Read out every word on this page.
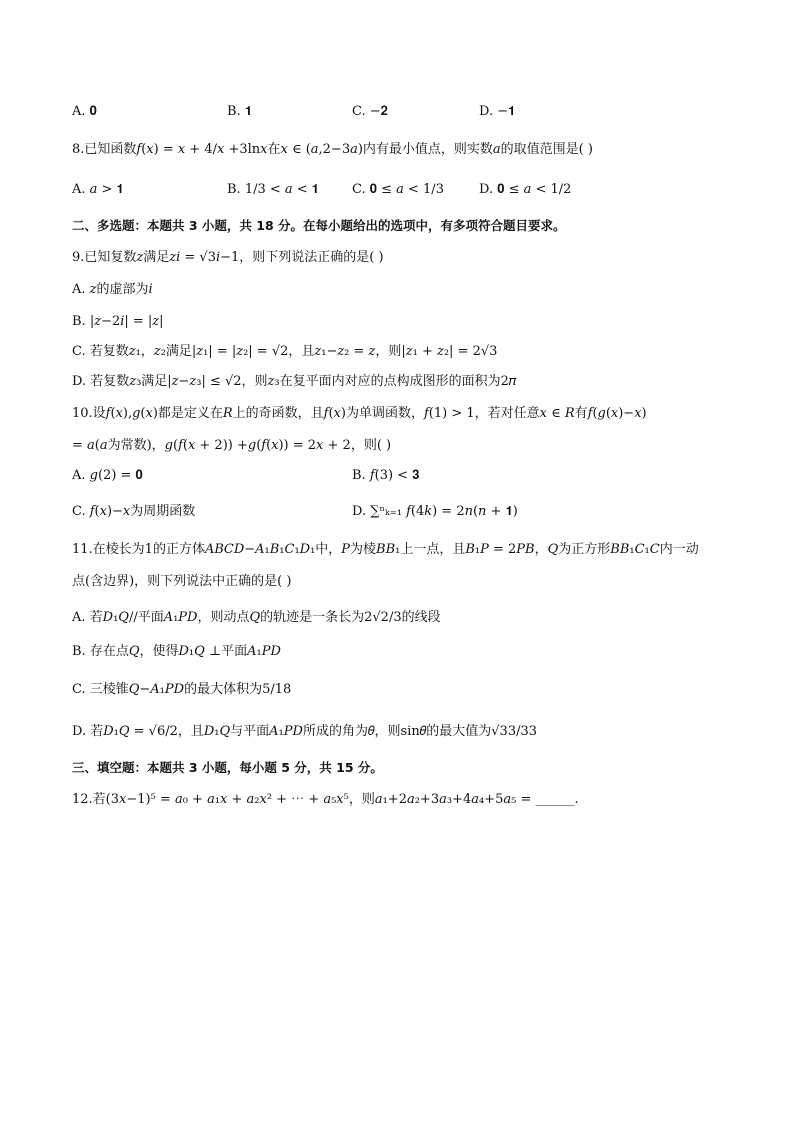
A. 𝟎	B. 𝟏	C. −𝟐	D. −𝟏
8.已知函数𝑓(𝑥) = 𝑥 + 4/𝑥 +3ln𝑥在𝑥 ∈ (𝑎,2−3𝑎)内有最小值点，则实数𝑎的取值范围是( )
A. 𝑎 > 𝟏	B. 1/3 < 𝑎 < 𝟏	C. 𝟎 ≤ 𝑎 < 1/3	D. 𝟎 ≤ 𝑎 < 1/2
二、多选题：本题共 3 小题，共 18 分。在每小题给出的选项中，有多项符合题目要求。
9.已知复数𝑧满足𝑧𝑖 = √3𝑖−1，则下列说法正确的是( )
A. 𝑧的虚部为𝑖
B. |𝑧−2𝑖| = |𝑧|
C. 若复数𝑧₁，𝑧₂满足|𝑧₁| = |𝑧₂| = √2，且𝑧₁−𝑧₂ = 𝑧，则|𝑧₁ + 𝑧₂| = 2√3
D. 若复数𝑧₃满足|𝑧−𝑧₃| ≤ √2，则𝑧₃在复平面内对应的点构成图形的面积为2𝜋
10.设𝑓(𝑥),𝑔(𝑥)都是定义在𝑅上的奇函数，且𝑓(𝑥)为单调函数，𝑓(1) > 1，若对任意𝑥 ∈ 𝑅有𝑓(𝑔(𝑥)−𝑥)
= 𝑎(𝑎为常数)，𝑔(𝑓(𝑥 + 2)) +𝑔(𝑓(𝑥)) = 2𝑥 + 2，则( )
A. 𝑔(2) = 𝟎	B. 𝑓(3) < 𝟑
C. 𝑓(𝑥)−𝑥为周期函数	D. ∑ⁿₖ₌₁ 𝑓(4𝑘) = 2𝑛(𝑛 + 𝟏)
11.在棱长为1的正方体𝐴𝐵𝐶𝐷−𝐴₁𝐵₁𝐶₁𝐷₁中，𝑃为棱𝐵𝐵₁上一点，且𝐵₁𝑃 = 2𝑃𝐵，𝑄为正方形𝐵𝐵₁𝐶₁𝐶内一动
点(含边界)，则下列说法中正确的是( )
A. 若𝐷₁𝑄//平面𝐴₁𝑃𝐷，则动点𝑄的轨迹是一条长为2√2/3的线段
B. 存在点𝑄，使得𝐷₁𝑄 ⊥平面𝐴₁𝑃𝐷
C. 三棱锥𝑄−𝐴₁𝑃𝐷的最大体积为5/18
D. 若𝐷₁𝑄 = √6/2，且𝐷₁𝑄与平面𝐴₁𝑃𝐷所成的角为𝜃，则sin𝜃的最大值为√33/33
三、填空题：本题共 3 小题，每小题 5 分，共 15 分。
12.若(3𝑥−1)⁵ = 𝑎₀ + 𝑎₁𝑥 + 𝑎₂𝑥² + ⋯ + 𝑎₅𝑥⁵，则𝑎₁+2𝑎₂+3𝑎₃+4𝑎₄+5𝑎₅ = ______.
